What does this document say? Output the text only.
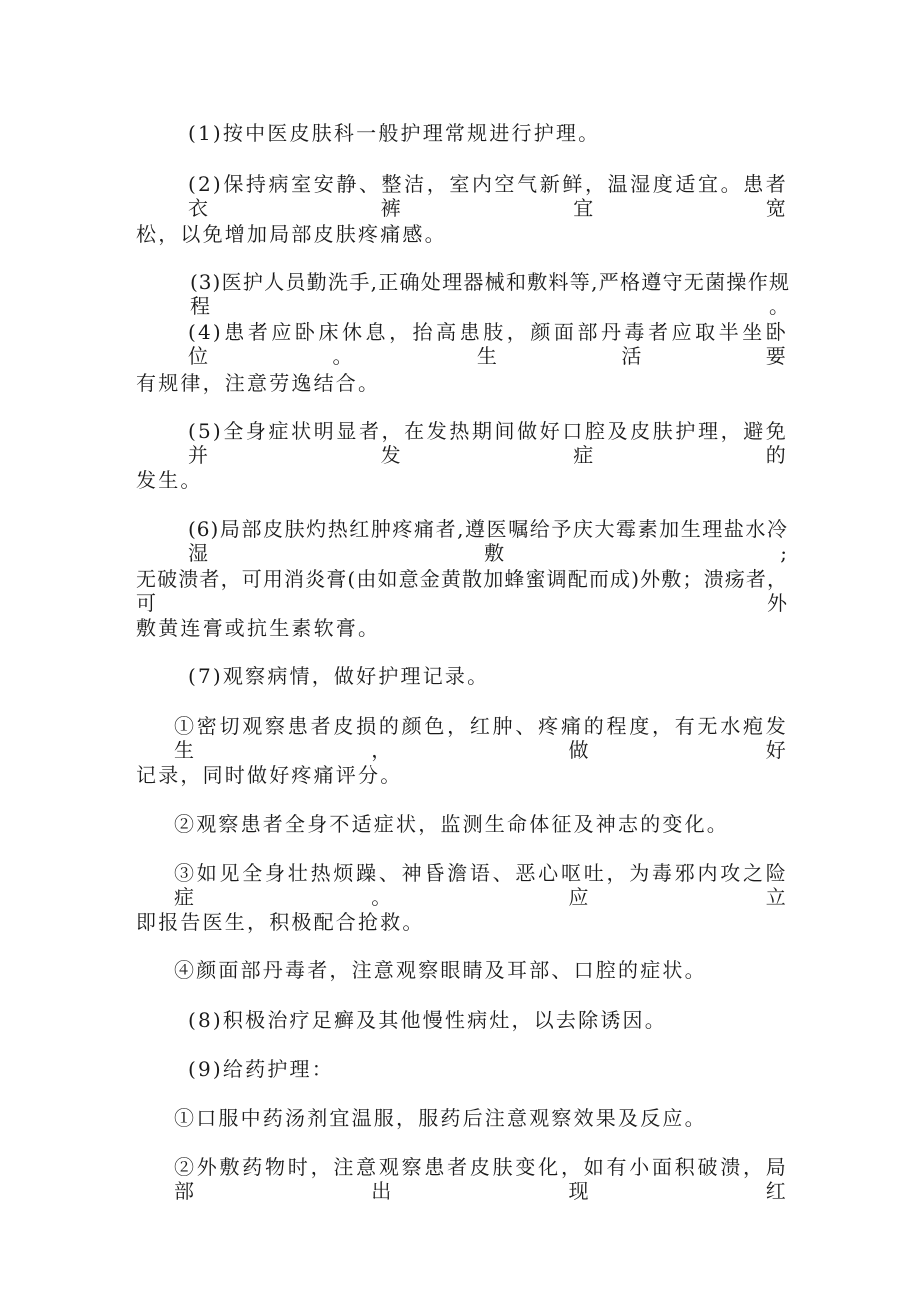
(1)按中医皮肤科一般护理常规进行护理。
(2)保持病室安静、整洁，室内空气新鲜，温湿度适宜。患者衣裤宜宽
松，以免增加局部皮肤疼痛感。
(3)医护人员勤洗手,正确处理器械和敷料等,严格遵守无菌操作规程。
(4)患者应卧床休息，抬高患肢，颜面部丹毒者应取半坐卧位。生活要
有规律，注意劳逸结合。
(5)全身症状明显者，在发热期间做好口腔及皮肤护理，避免并发症的
发生。
(6)局部皮肤灼热红肿疼痛者,遵医嘱给予庆大霉素加生理盐水冷湿敷;
无破溃者，可用消炎膏(由如意金黄散加蜂蜜调配而成)外敷；溃疡者，可外
敷黄连膏或抗生素软膏。
(7)观察病情，做好护理记录。
①密切观察患者皮损的颜色，红肿、疼痛的程度，有无水疱发生，做好
记录，同时做好疼痛评分。
②观察患者全身不适症状，监测生命体征及神志的变化。
③如见全身壮热烦躁、神昏澹语、恶心呕吐，为毒邪内攻之险症。应立
即报告医生，积极配合抢救。
④颜面部丹毒者，注意观察眼睛及耳部、口腔的症状。
(8)积极治疗足癣及其他慢性病灶，以去除诱因。
(9)给药护理：
①口服中药汤剂宜温服，服药后注意观察效果及反应。
②外敷药物时，注意观察患者皮肤变化，如有小面积破溃，局部出现红
